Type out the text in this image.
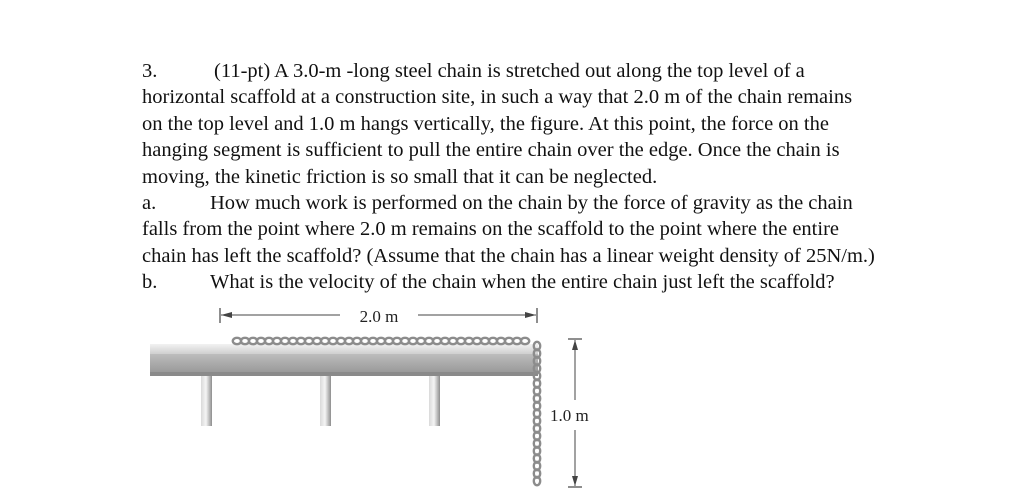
3.	(11-pt) A 3.0-m -long steel chain is stretched out along the top level of a
horizontal scaffold at a construction site, in such a way that 2.0 m of the chain remains
on the top level and 1.0 m hangs vertically, the figure. At this point, the force on the
hanging segment is sufficient to pull the entire chain over the edge. Once the chain is
moving, the kinetic friction is so small that it can be neglected.
a.	How much work is performed on the chain by the force of gravity as the chain
falls from the point where 2.0 m remains on the scaffold to the point where the entire
chain has left the scaffold? (Assume that the chain has a linear weight density of 25N/m.)
b.	What is the velocity of the chain when the entire chain just left the scaffold?
2.0 m
1.0 m
